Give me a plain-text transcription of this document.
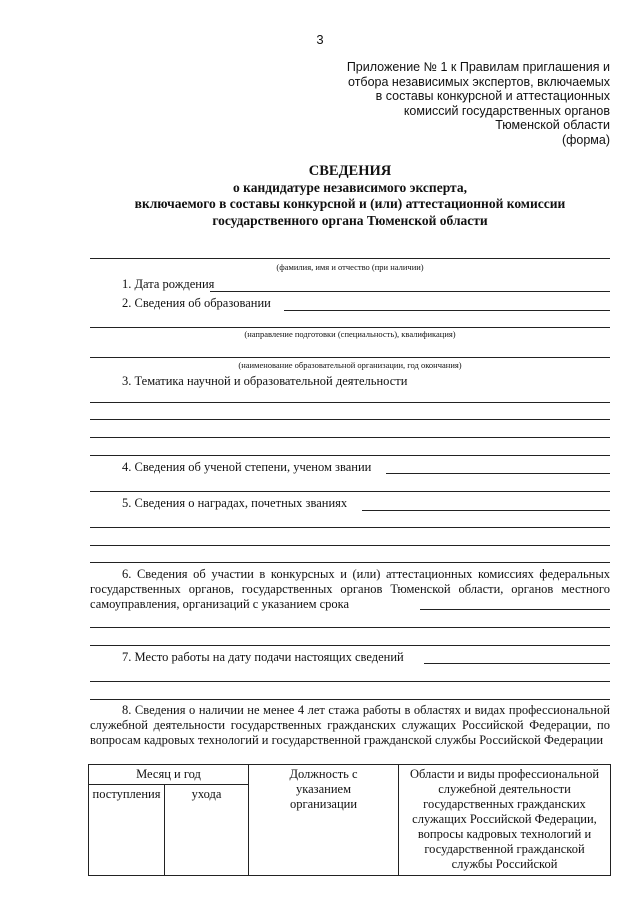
3
Приложение № 1 к Правилам приглашения и
отбора независимых экспертов, включаемых
в составы конкурсной и аттестационных
комиссий государственных органов
Тюменской области
(форма)
СВЕДЕНИЯ
о кандидатуре независимого эксперта,
включаемого в составы конкурсной и (или) аттестационной комиссии
государственного органа Тюменской области
(фамилия, имя и отчество (при наличии)
1. Дата рождения
2. Сведения об образовании
(направление подготовки (специальность), квалификация)
(наименование образовательной организации, год окончания)
3. Тематика научной и образовательной деятельности
4. Сведения об ученой степени, ученом звании
5. Сведения о наградах, почетных званиях
6. Сведения об участии в конкурсных и (или) аттестационных комиссиях федеральных государственных органов, государственных органов Тюменской области, органов местного самоуправления, организаций с указанием срока
7. Место работы на дату подачи настоящих сведений
8. Сведения о наличии не менее 4 лет стажа работы в областях и видах профессиональной служебной деятельности государственных гражданских служащих Российской Федерации, по вопросам кадровых технологий и государственной гражданской службы Российской Федерации
Месяц и год		Должность с указанием организации	Области и виды профессиональной служебной деятельности государственных гражданских служащих Российской Федерации, вопросы кадровых технологий и государственной гражданской службы Российской
поступления	ухода		
